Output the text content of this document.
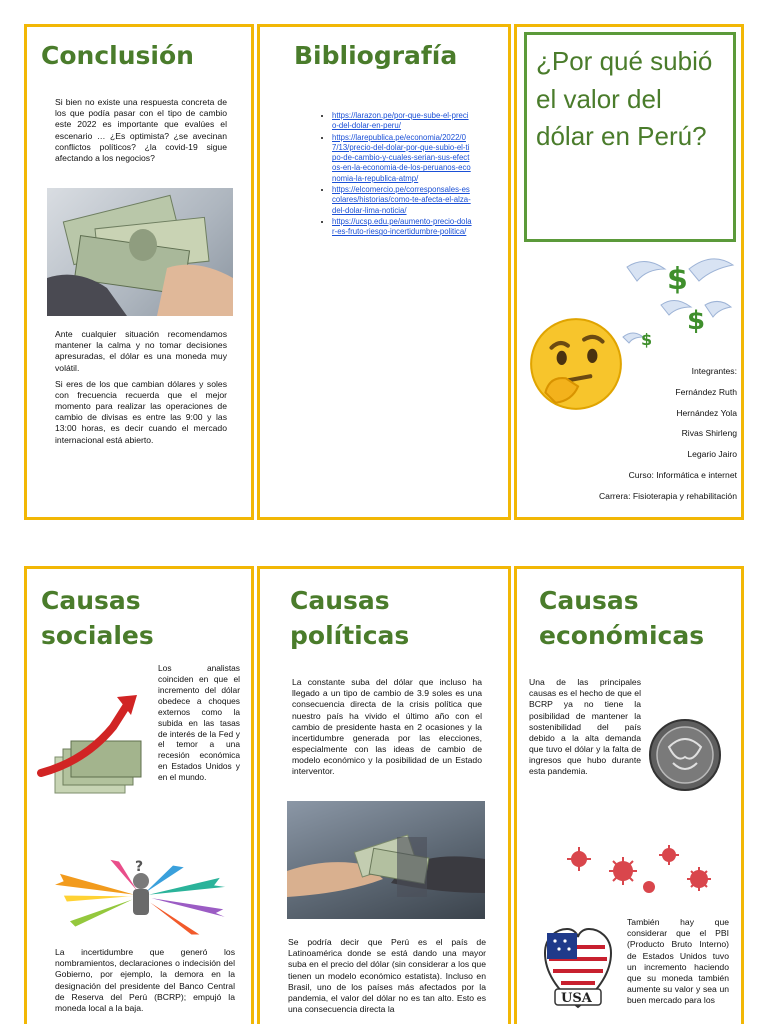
Conclusión

Si bien no existe una respuesta concreta de los que podía pasar con el tipo de cambio este 2022 es importante que evalúes el escenario … ¿Es optimista? ¿se avecinan conflictos políticos? ¿la covid-19 sigue afectando a los negocios?

Ante cualquier situación recomendamos mantener la calma y no tomar decisiones apresuradas, el dólar es una moneda muy volátil.

Si eres de los que cambian dólares y soles con frecuencia recuerda que el mejor momento para realizar las operaciones de cambio de divisas es entre las 9:00 y las 13:00 horas, es decir cuando el mercado internacional está abierto.

Bibliografía
• https://larazon.pe/por-que-sube-el-precio-del-dolar-en-peru/
• https://larepublica.pe/economia/2022/07/13/precio-del-dolar-por-que-subio-el-tipo-de-cambio-y-cuales-serian-sus-efectos-en-la-economia-de-los-peruanos-economia-la-republica-atmp/
• https://elcomercio.pe/corresponsales-escolares/historias/como-te-afecta-el-alza-del-dolar-lima-noticia/
• https://ucsp.edu.pe/aumento-precio-dolar-es-fruto-riesgo-incertidumbre-politica/
¿Por qué subió el valor del dólar en Perú?
$
$
$
Integrantes:
Fernández Ruth
Hernández Yola
Rivas Shirleng
Legario Jairo
Curso: Informática e internet
Carrera: Fisioterapia y rehabilitación
Causas sociales

Los analistas coinciden en que el incremento del dólar obedece a choques externos como la subida en las tasas de interés de la Fed y el temor a una recesión económica en Estados Unidos y en el mundo.

?

La incertidumbre que generó los nombramientos, declaraciones o indecisión del Gobierno, por ejemplo, la demora en la designación del presidente del Banco Central de Reserva del Perú (BCRP); empujó la moneda local a la baja.

Causas políticas

La constante suba del dólar que incluso ha llegado a un tipo de cambio de 3.9 soles es una consecuencia directa de la crisis política que nuestro país ha vivido el último año con el cambio de presidente hasta en 2 ocasiones y la incertidumbre generada por las elecciones, especialmente con las ideas de cambio de modelo económico y la posibilidad de un Estado interventor.

Se podría decir que Perú es el país de Latinoamérica donde se está dando una mayor suba en el precio del dólar (sin considerar a los que tienen un modelo económico estatista). Incluso en Brasil, uno de los países más afectados por la pandemia, el valor del dólar no es tan alto. Esto es una consecuencia directa la

Causas económicas

Una de las principales causas es el hecho de que el BCRP ya no tiene la posibilidad de mantener la sostenibilidad del país debido a la alta demanda que tuvo el dólar y la falta de ingresos que hubo durante esta pandemia.

USA

También hay que considerar que el PBI (Producto Bruto Interno) de Estados Unidos tuvo un incremento haciendo que su moneda también aumente su valor y sea un buen mercado para los
